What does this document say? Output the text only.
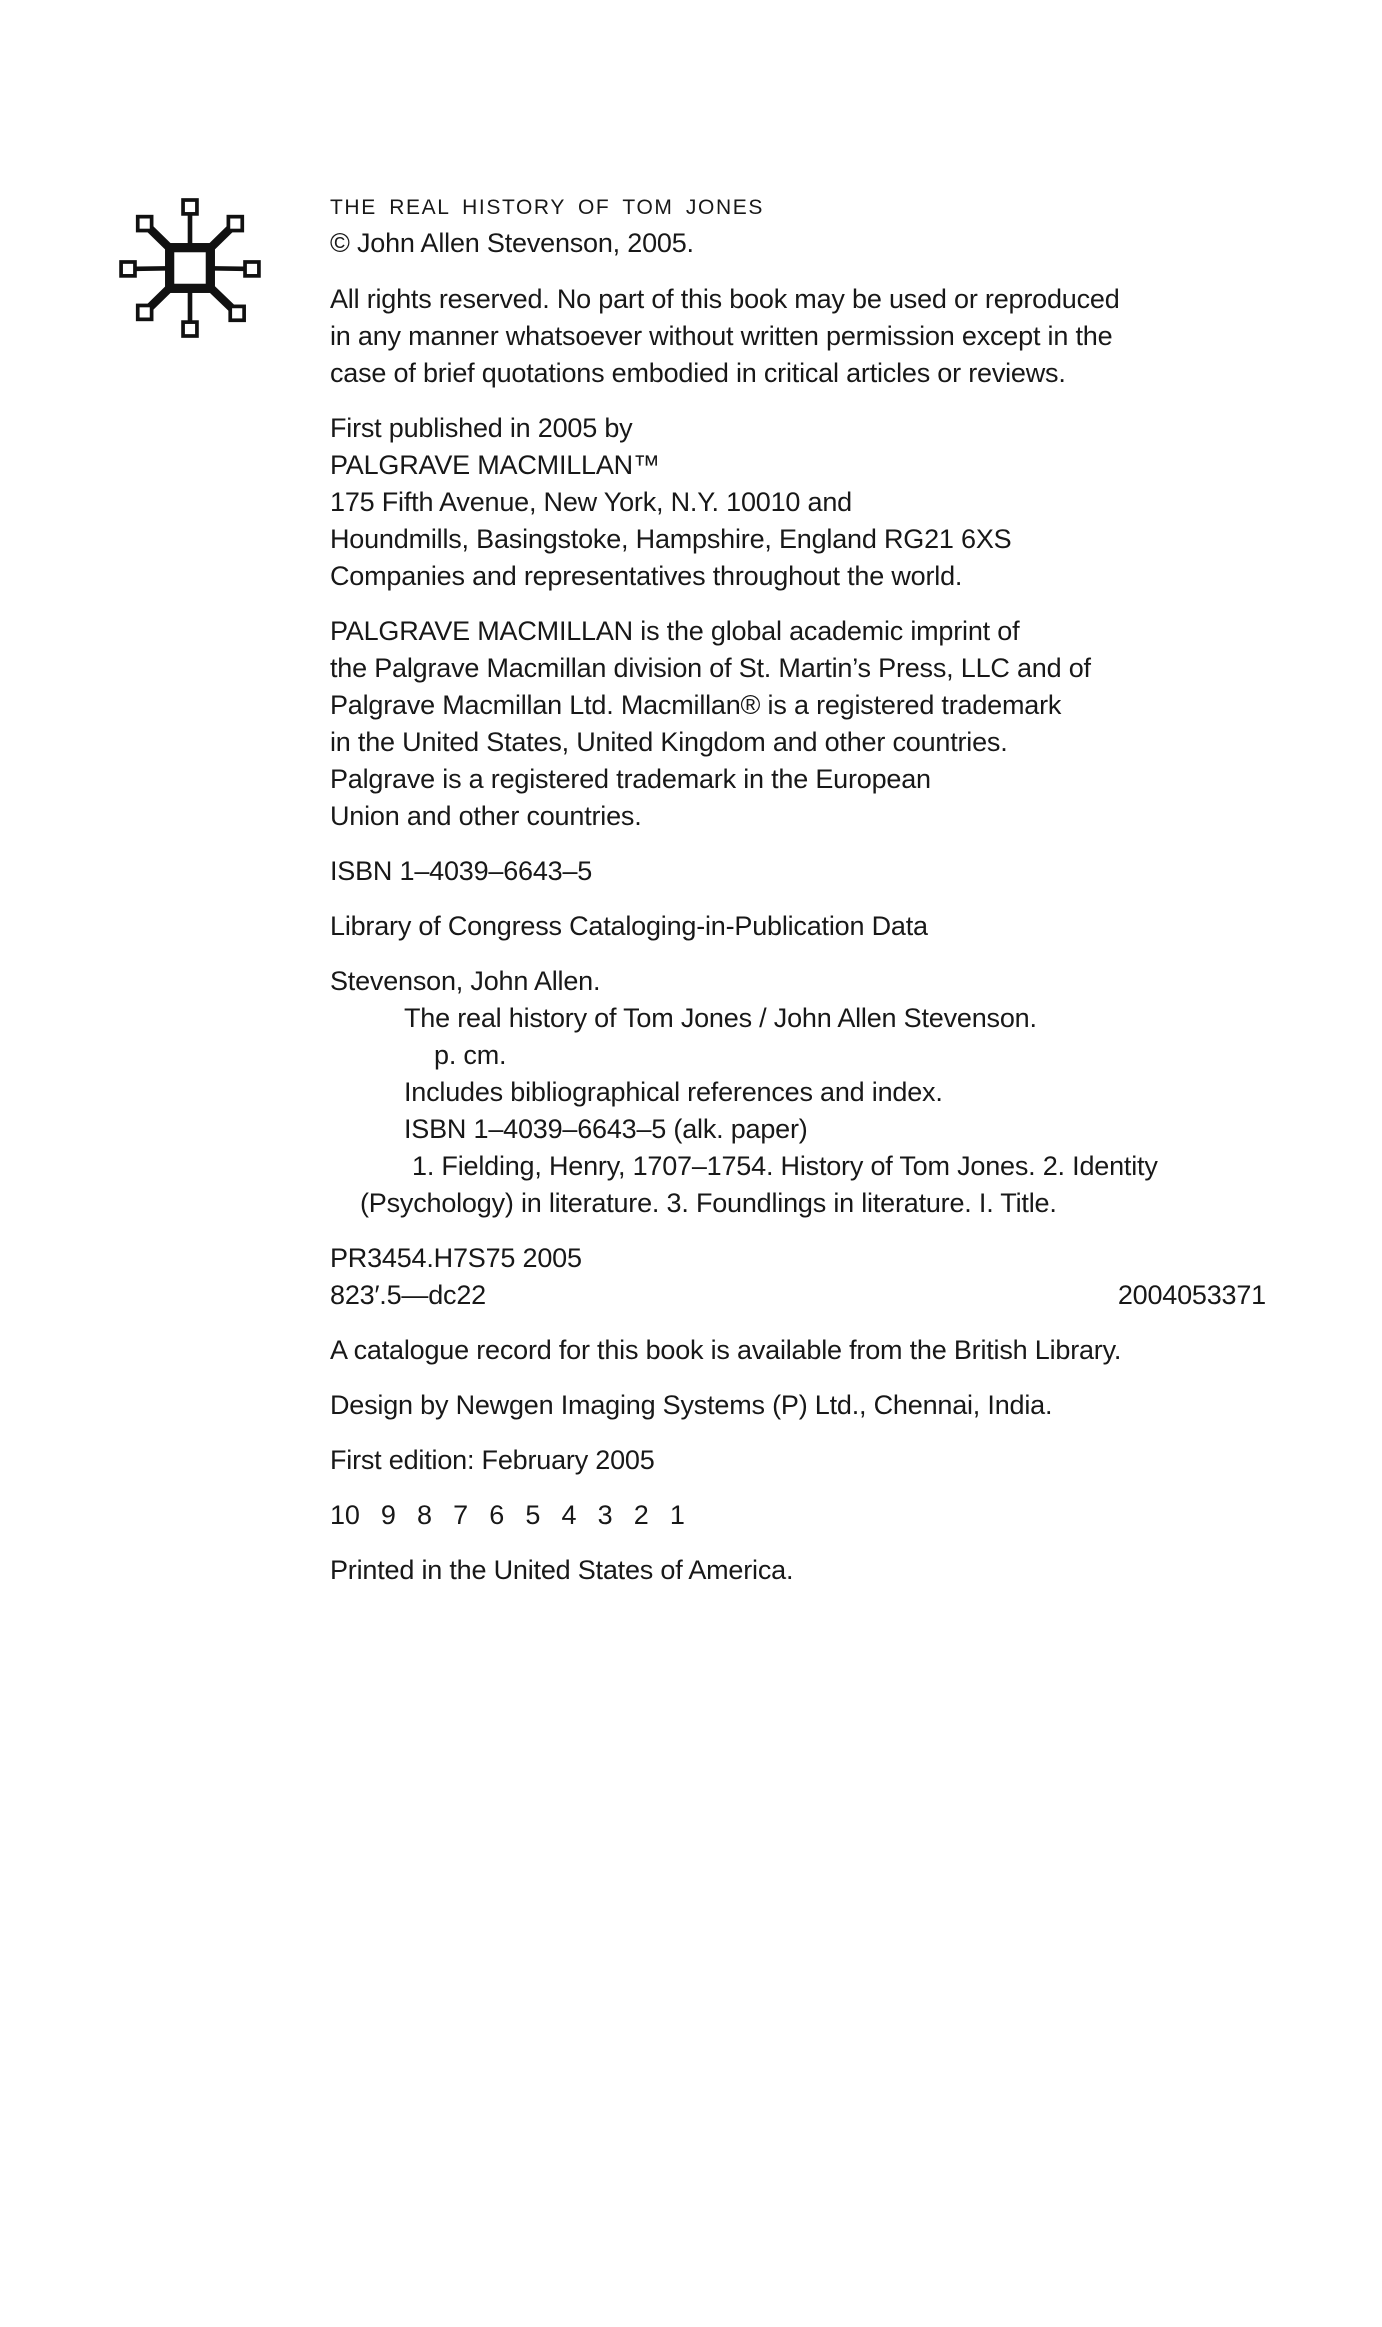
THE REAL HISTORY OF TOM JONES
© John Allen Stevenson, 2005.
All rights reserved. No part of this book may be used or reproduced
in any manner whatsoever without written permission except in the
case of brief quotations embodied in critical articles or reviews.
First published in 2005 by
PALGRAVE MACMILLAN™
175 Fifth Avenue, New York, N.Y. 10010 and
Houndmills, Basingstoke, Hampshire, England RG21 6XS
Companies and representatives throughout the world.
PALGRAVE MACMILLAN is the global academic imprint of
the Palgrave Macmillan division of St. Martin’s Press, LLC and of
Palgrave Macmillan Ltd. Macmillan® is a registered trademark
in the United States, United Kingdom and other countries.
Palgrave is a registered trademark in the European
Union and other countries.
ISBN 1–4039–6643–5
Library of Congress Cataloging-in-Publication Data
Stevenson, John Allen.
The real history of Tom Jones / John Allen Stevenson.
p. cm.
Includes bibliographical references and index.
ISBN 1–4039–6643–5 (alk. paper)
1. Fielding, Henry, 1707–1754. History of Tom Jones. 2. Identity
(Psychology) in literature. 3. Foundlings in literature. I. Title.
PR3454.H7S75 2005
823′.5—dc22	2004053371
A catalogue record for this book is available from the British Library.
Design by Newgen Imaging Systems (P) Ltd., Chennai, India.
First edition: February 2005
10 9 8 7 6 5 4 3 2 1
Printed in the United States of America.
